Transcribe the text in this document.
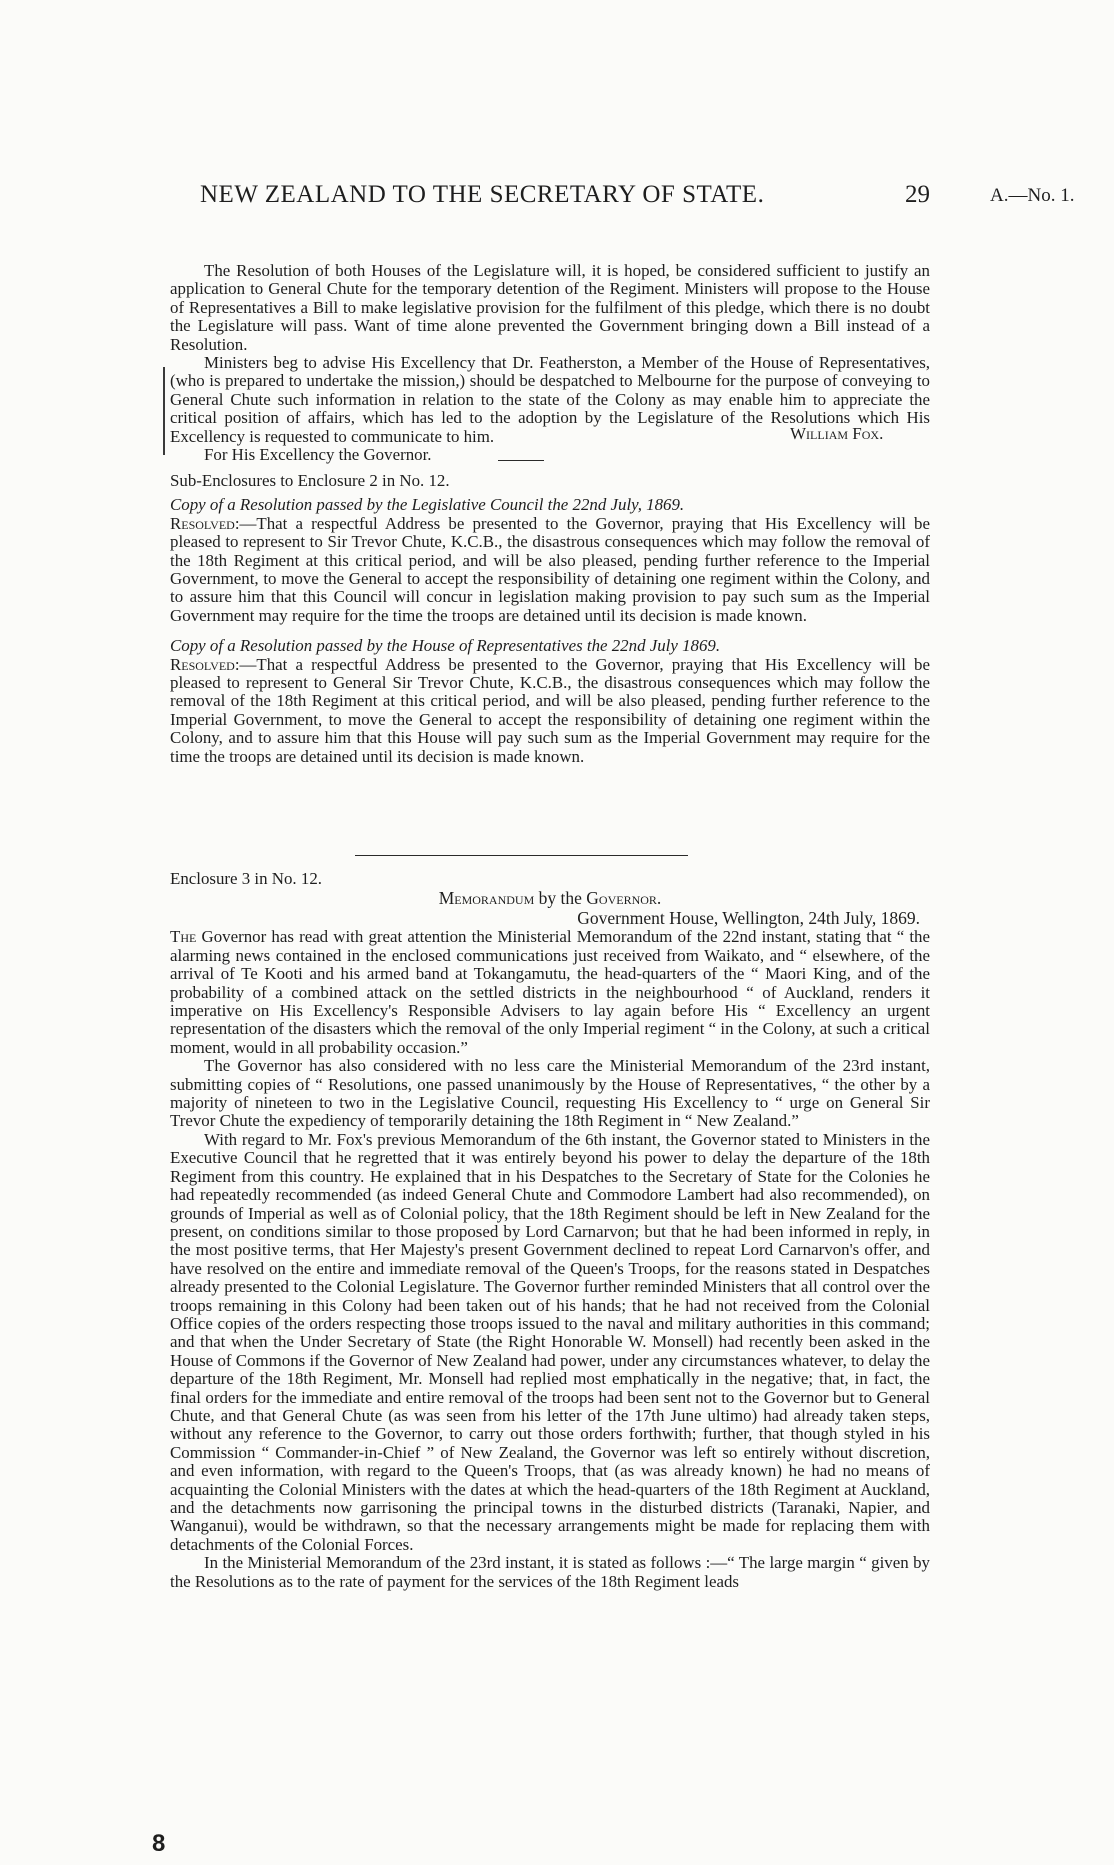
NEW ZEALAND TO THE SECRETARY OF STATE.	29	A.—No. 1.

The Resolution of both Houses of the Legislature will, it is hoped, be considered sufficient to justify an application to General Chute for the temporary detention of the Regiment. Ministers will propose to the House of Representatives a Bill to make legislative provision for the fulfilment of this pledge, which there is no doubt the Legislature will pass. Want of time alone prevented the Government bringing down a Bill instead of a Resolution.

Ministers beg to advise His Excellency that Dr. Featherston, a Member of the House of Representatives, (who is prepared to undertake the mission,) should be despatched to Melbourne for the purpose of conveying to General Chute such information in relation to the state of the Colony as may enable him to appreciate the critical position of affairs, which has led to the adoption by the Legislature of the Resolutions which His Excellency is requested to communicate to him.

For His Excellency the Governor.

William Fox.

Sub-Enclosures to Enclosure 2 in No. 12.

Copy of a Resolution passed by the Legislative Council the 22nd July, 1869.

Resolved:—That a respectful Address be presented to the Governor, praying that His Excellency will be pleased to represent to Sir Trevor Chute, K.C.B., the disastrous consequences which may follow the removal of the 18th Regiment at this critical period, and will be also pleased, pending further reference to the Imperial Government, to move the General to accept the responsibility of detaining one regiment within the Colony, and to assure him that this Council will concur in legislation making provision to pay such sum as the Imperial Government may require for the time the troops are detained until its decision is made known.

Copy of a Resolution passed by the House of Representatives the 22nd July 1869.

Resolved:—That a respectful Address be presented to the Governor, praying that His Excellency will be pleased to represent to General Sir Trevor Chute, K.C.B., the disastrous consequences which may follow the removal of the 18th Regiment at this critical period, and will be also pleased, pending further reference to the Imperial Government, to move the General to accept the responsibility of detaining one regiment within the Colony, and to assure him that this House will pay such sum as the Imperial Government may require for the time the troops are detained until its decision is made known.

Enclosure 3 in No. 12.

Memorandum by the Governor.

Government House, Wellington, 24th July, 1869.

The Governor has read with great attention the Ministerial Memorandum of the 22nd instant, stating that “ the alarming news contained in the enclosed communications just received from Waikato, and “ elsewhere, of the arrival of Te Kooti and his armed band at Tokangamutu, the head-quarters of the “ Maori King, and of the probability of a combined attack on the settled districts in the neighbourhood “ of Auckland, renders it imperative on His Excellency's Responsible Advisers to lay again before His “ Excellency an urgent representation of the disasters which the removal of the only Imperial regiment “ in the Colony, at such a critical moment, would in all probability occasion.”

The Governor has also considered with no less care the Ministerial Memorandum of the 23rd instant, submitting copies of “ Resolutions, one passed unanimously by the House of Representatives, “ the other by a majority of nineteen to two in the Legislative Council, requesting His Excellency to “ urge on General Sir Trevor Chute the expediency of temporarily detaining the 18th Regiment in “ New Zealand.”

With regard to Mr. Fox's previous Memorandum of the 6th instant, the Governor stated to Ministers in the Executive Council that he regretted that it was entirely beyond his power to delay the departure of the 18th Regiment from this country. He explained that in his Despatches to the Secretary of State for the Colonies he had repeatedly recommended (as indeed General Chute and Commodore Lambert had also recommended), on grounds of Imperial as well as of Colonial policy, that the 18th Regiment should be left in New Zealand for the present, on conditions similar to those proposed by Lord Carnarvon; but that he had been informed in reply, in the most positive terms, that Her Majesty's present Government declined to repeat Lord Carnarvon's offer, and have resolved on the entire and immediate removal of the Queen's Troops, for the reasons stated in Despatches already presented to the Colonial Legislature. The Governor further reminded Ministers that all control over the troops remaining in this Colony had been taken out of his hands; that he had not received from the Colonial Office copies of the orders respecting those troops issued to the naval and military authorities in this command; and that when the Under Secretary of State (the Right Honorable W. Monsell) had recently been asked in the House of Commons if the Governor of New Zealand had power, under any circumstances whatever, to delay the departure of the 18th Regiment, Mr. Monsell had replied most emphatically in the negative; that, in fact, the final orders for the immediate and entire removal of the troops had been sent not to the Governor but to General Chute, and that General Chute (as was seen from his letter of the 17th June ultimo) had already taken steps, without any reference to the Governor, to carry out those orders forthwith; further, that though styled in his Commission “ Commander-in-Chief ” of New Zealand, the Governor was left so entirely without discretion, and even information, with regard to the Queen's Troops, that (as was already known) he had no means of acquainting the Colonial Ministers with the dates at which the head-quarters of the 18th Regiment at Auckland, and the detachments now garrisoning the principal towns in the disturbed districts (Taranaki, Napier, and Wanganui), would be withdrawn, so that the necessary arrangements might be made for replacing them with detachments of the Colonial Forces.

In the Ministerial Memorandum of the 23rd instant, it is stated as follows :—“ The large margin “ given by the Resolutions as to the rate of payment for the services of the 18th Regiment leads

8
